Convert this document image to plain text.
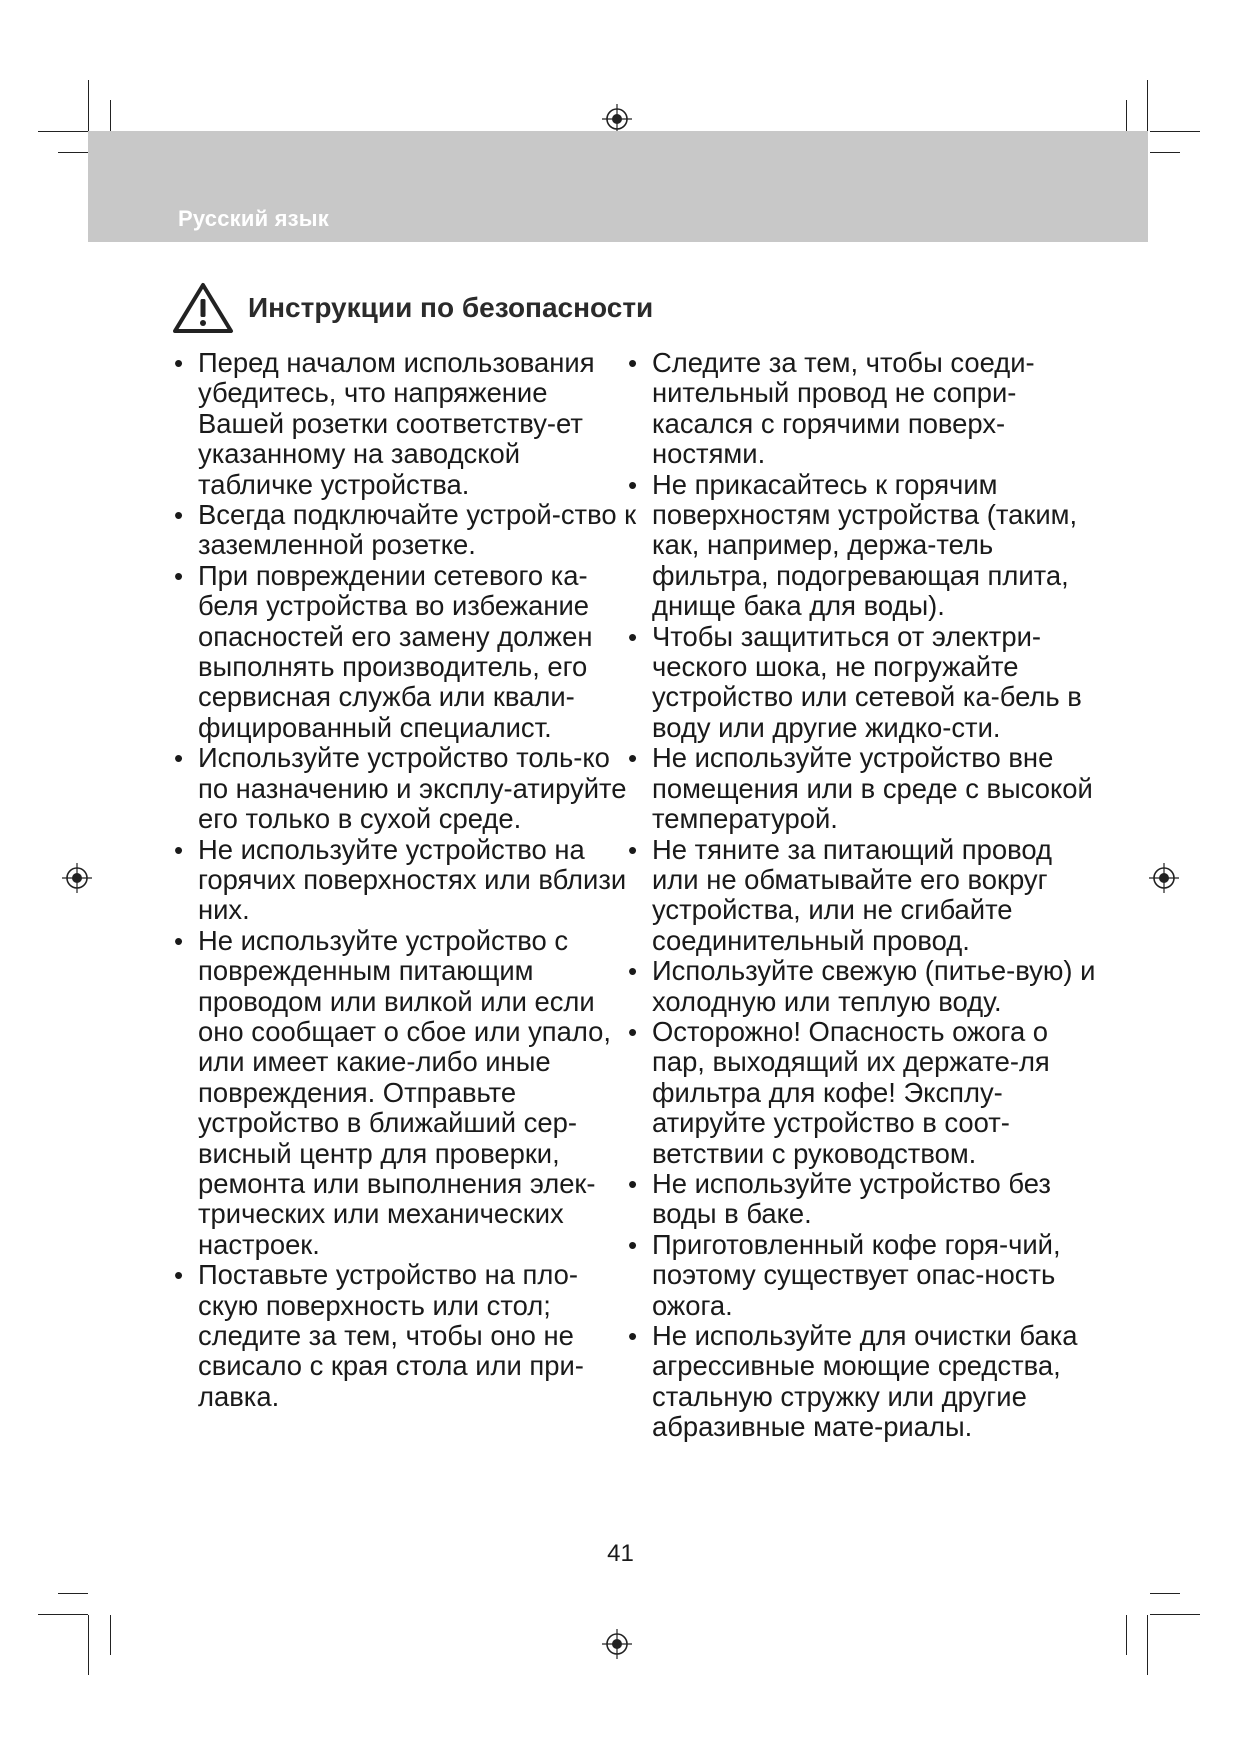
Русский язык
Инструкции по безопасности
• Перед началом использования убедитесь, что напряжение Вашей розетки соответству-ет указанному на заводской табличке устройства.
• Всегда подключайте устрой-ство к заземленной розетке.
• При повреждении сетевого ка-беля устройства во избежание опасностей его замену должен выполнять производитель, его сервисная служба или квали-фицированный специалист.
• Используйте устройство толь-ко по назначению и эксплу-атируйте его только в сухой среде.
• Не используйте устройство на горячих поверхностях или вблизи них.
• Не используйте устройство с поврежденным питающим проводом или вилкой или если оно сообщает о сбое или упало, или имеет какие-либо иные повреждения. Отправьте устройство в ближайший сер-висный центр для проверки, ремонта или выполнения элек-трических или механических настроек.
• Поставьте устройство на пло-скую поверхность или стол; следите за тем, чтобы оно не свисало с края стола или при-лавка.
• Следите за тем, чтобы соеди-нительный провод не сопри-касался с горячими поверх-ностями.
• Не прикасайтесь к горячим поверхностям устройства (таким, как, например, держа-тель фильтра, подогревающая плита, днище бака для воды).
• Чтобы защититься от электри-ческого шока, не погружайте устройство или сетевой ка-бель в воду или другие жидко-сти.
• Не используйте устройство вне помещения или в среде с высокой температурой.
• Не тяните за питающий провод или не обматывайте его вокруг устройства, или не сгибайте соединительный провод.
• Используйте свежую (питье-вую) и холодную или теплую воду.
• Осторожно! Опасность ожога о пар, выходящий их держате-ля фильтра для кофе! Эксплу-атируйте устройство в соот-ветствии с руководством.
• Не используйте устройство без воды в баке.
• Приготовленный кофе горя-чий, поэтому существует опас-ность ожога.
• Не используйте для очистки бака агрессивные моющие средства, стальную стружку или другие абразивные мате-риалы.
41
